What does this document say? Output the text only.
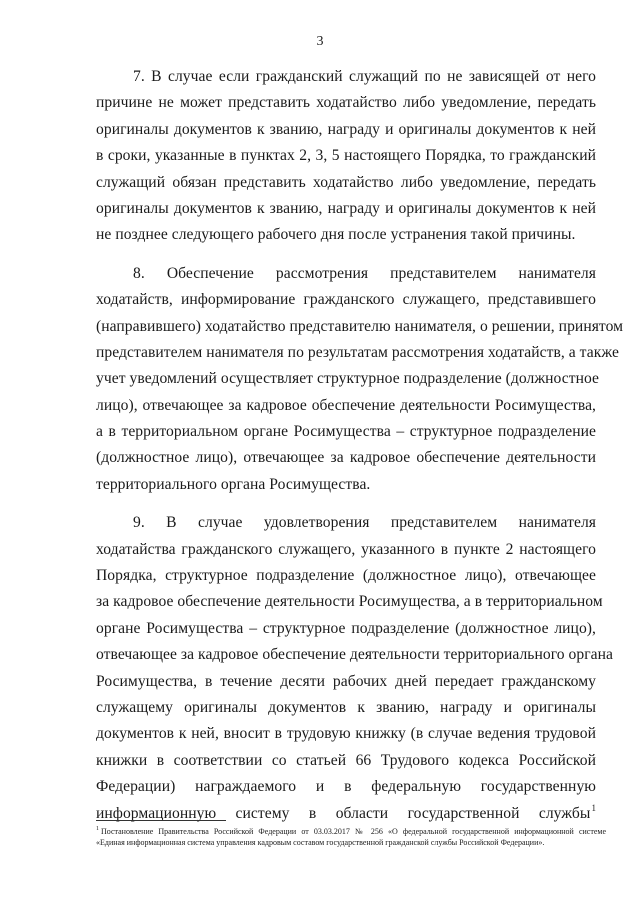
3
7. В случае если гражданский служащий по не зависящей от него
причине не может представить ходатайство либо уведомление, передать
оригиналы документов к званию, награду и оригиналы документов к ней
в сроки, указанные в пунктах 2, 3, 5 настоящего Порядка, то гражданский
служащий обязан представить ходатайство либо уведомление, передать
оригиналы документов к званию, награду и оригиналы документов к ней
не позднее следующего рабочего дня после устранения такой причины.
8. Обеспечение рассмотрения представителем нанимателя
ходатайств, информирование гражданского служащего, представившего
(направившего) ходатайство представителю нанимателя, о решении, принятом
представителем нанимателя по результатам рассмотрения ходатайств, а также
учет уведомлений осуществляет структурное подразделение (должностное
лицо), отвечающее за кадровое обеспечение деятельности Росимущества,
а в территориальном органе Росимущества – структурное подразделение
(должностное лицо), отвечающее за кадровое обеспечение деятельности
территориального органа Росимущества.
9. В случае удовлетворения представителем нанимателя
ходатайства гражданского служащего, указанного в пункте 2 настоящего
Порядка, структурное подразделение (должностное лицо), отвечающее
за кадровое обеспечение деятельности Росимущества, а в территориальном
органе Росимущества – структурное подразделение (должностное лицо),
отвечающее за кадровое обеспечение деятельности территориального органа
Росимущества, в течение десяти рабочих дней передает гражданскому
служащему оригиналы документов к званию, награду и оригиналы
документов к ней, вносит в трудовую книжку (в случае ведения трудовой
книжки в соответствии со статьей 66 Трудового кодекса Российской
Федерации) награждаемого и в федеральную государственную
информационную систему в области государственной службы$^1$
$^1$ Постановление Правительства Российской Федерации от 03.03.2017 № 256 «О федеральной государственной информационной системе
«Единая информационная система управления кадровым составом государственной гражданской службы Российской Федерации».
